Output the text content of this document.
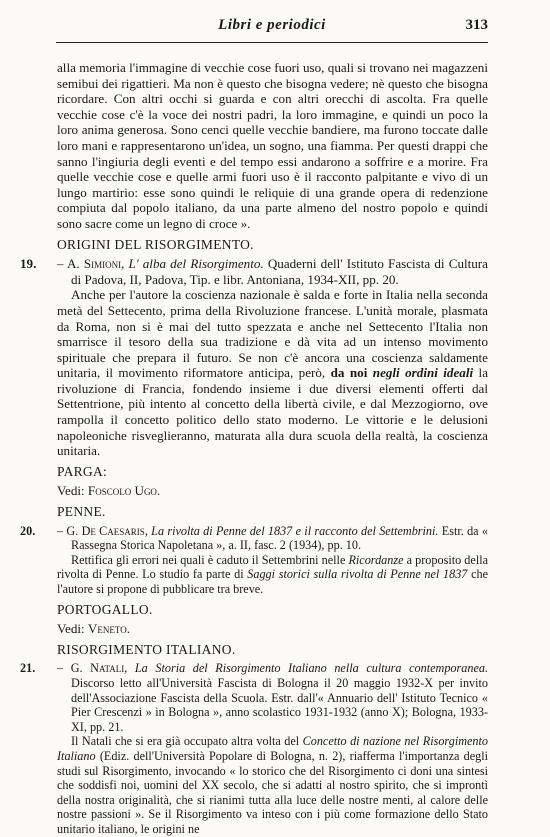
Libri e periodici	313

alla memoria l'immagine di vecchie cose fuori uso, quali si trovano nei magazzeni semibui dei rigattieri. Ma non è questo che bisogna vedere; nè questo che bisogna ricordare. Con altri occhi si guarda e con altri orecchi di ascolta. Fra quelle vecchie cose c'è la voce dei nostri padri, la loro immagine, e quindi un poco la loro anima generosa. Sono cenci quelle vecchie bandiere, ma furono toccate dalle loro mani e rappresentarono un'idea, un sogno, una fiamma. Per questi drappi che sanno l'ingiuria degli eventi e del tempo essi andarono a soffrire e a morire. Fra quelle vecchie cose e quelle armi fuori uso è il racconto palpitante e vivo di un lungo martirio: esse sono quindi le reliquie di una grande opera di redenzione compiuta dal popolo italiano, da una parte almeno del nostro popolo e quindi sono sacre come un legno di croce ».

ORIGINI DEL RISORGIMENTO.
19. – A. Simioni, L' alba del Risorgimento. Quaderni dell' Istituto Fascista di Cultura di Padova, II, Padova, Tip. e libr. Antoniana, 1934-XII, pp. 20.

Anche per l'autore la coscienza nazionale è salda e forte in Italia nella seconda metà del Settecento, prima della Rivoluzione francese. L'unità morale, plasmata da Roma, non si è mai del tutto spezzata e anche nel Settecento l'Italia non smarrisce il tesoro della sua tradizione e dà vita ad un intenso movimento spirituale che prepara il futuro. Se non c'è ancora una coscienza saldamente unitaria, il movimento riformatore anticipa, però, da noi negli ordini ideali la rivoluzione di Francia, fondendo insieme i due diversi elementi offerti dal Settentrione, più intento al concetto della libertà civile, e dal Mezzogiorno, ove rampolla il concetto politico dello stato moderno. Le vittorie e le delusioni napoleoniche risveglieranno, maturata alla dura scuola della realtà, la coscienza unitaria.

PARGA:
Vedi: Foscolo Ugo.
PENNE.
20. – G. De Caesaris, La rivolta di Penne del 1837 e il racconto del Settembrini. Estr. da « Rassegna Storica Napoletana », a. II, fasc. 2 (1934), pp. 10.

Rettifica gli errori nei quali è caduto il Settembrini nelle Ricordanze a proposito della rivolta di Penne. Lo studio fa parte di Saggi storici sulla rivolta di Penne nel 1837 che l'autore si propone di pubblicare tra breve.

PORTOGALLO.
Vedi: Veneto.
RISORGIMENTO ITALIANO.
21. – G. Natali, La Storia del Risorgimento Italiano nella cultura contemporanea. Discorso letto all'Università Fascista di Bologna il 20 maggio 1932-X per invito dell'Associazione Fascista della Scuola. Estr. dall'« Annuario dell' Istituto Tecnico « Pier Crescenzi » in Bologna », anno scolastico 1931-1932 (anno X); Bologna, 1933-XI, pp. 21.

Il Natali che si era già occupato altra volta del Concetto di nazione nel Risorgimento Italiano (Ediz. dell'Università Popolare di Bologna, n. 2), riafferma l'importanza degli studi sul Risorgimento, invocando « lo storico che del Risorgimento ci doni una sintesi che soddisfi noi, uomini del XX secolo, che si adatti al nostro spirito, che si improntì della nostra originalità, che si rianimi tutta alla luce delle nostre menti, al calore delle nostre passioni ». Se il Risorgimento va inteso con i più come formazione dello Stato unitario italiano, le origini ne
